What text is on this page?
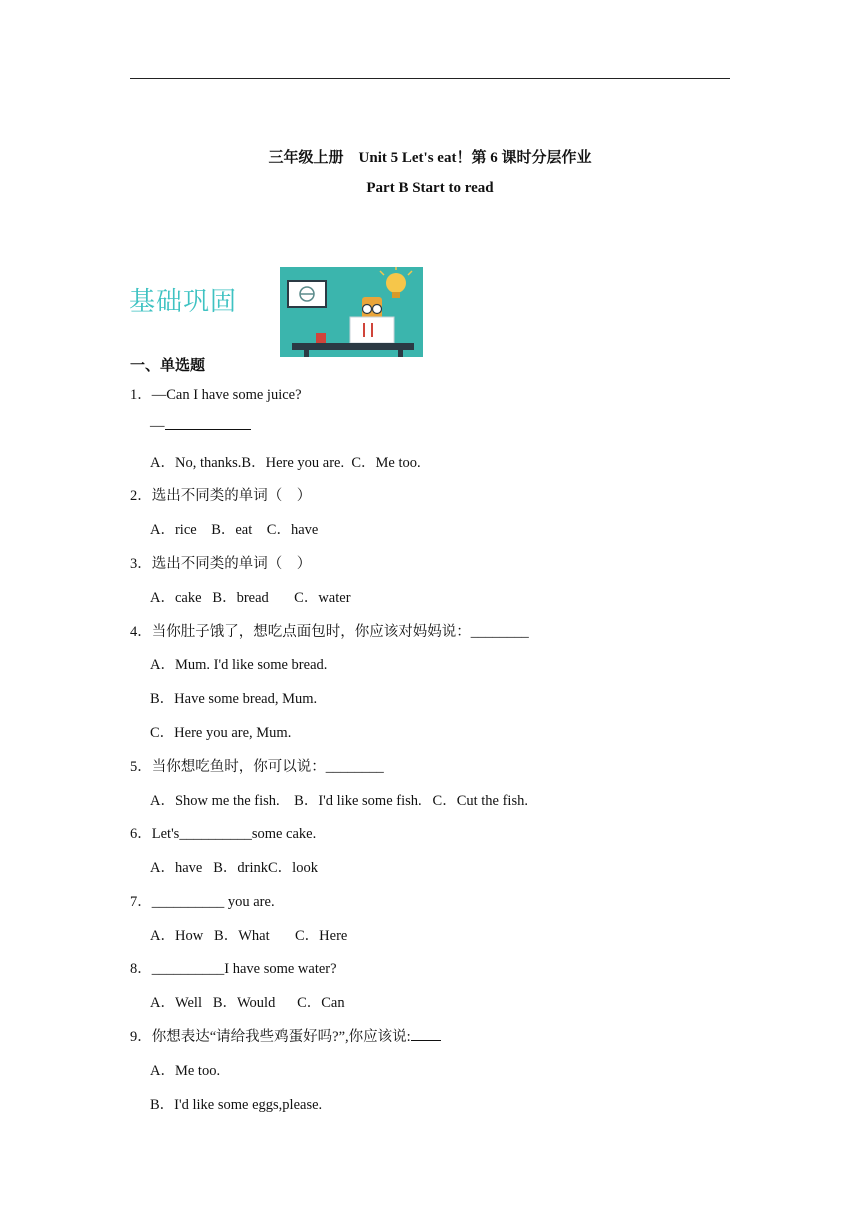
三年级上册　Unit 5 Let's eat！第 6 课时分层作业
Part B Start to read
基础巩固
一、单选题
1．—Can I have some juice?
—
A．No, thanks.B．Here you are.  C．Me too.
2．选出不同类的单词（    ）
A．rice    B．eat    C．have
3．选出不同类的单词（    ）
A．cake   B．bread       C．water
4．当你肚子饿了，想吃点面包时，你应该对妈妈说：________
A．Mum. I'd like some bread.
B．Have some bread, Mum.
C．Here you are, Mum.
5．当你想吃鱼时，你可以说：________
A．Show me the fish.    B．I'd like some fish.   C．Cut the fish.
6．Let's__________some cake.
A．have   B．drinkC．look
7．__________ you are.
A．How   B．What       C．Here
8．__________I have some water?
A．Well   B．Would      C．Can
9．你想表达“请给我些鸡蛋好吗?”,你应该说:
A．Me too.
B．I'd like some eggs,please.
